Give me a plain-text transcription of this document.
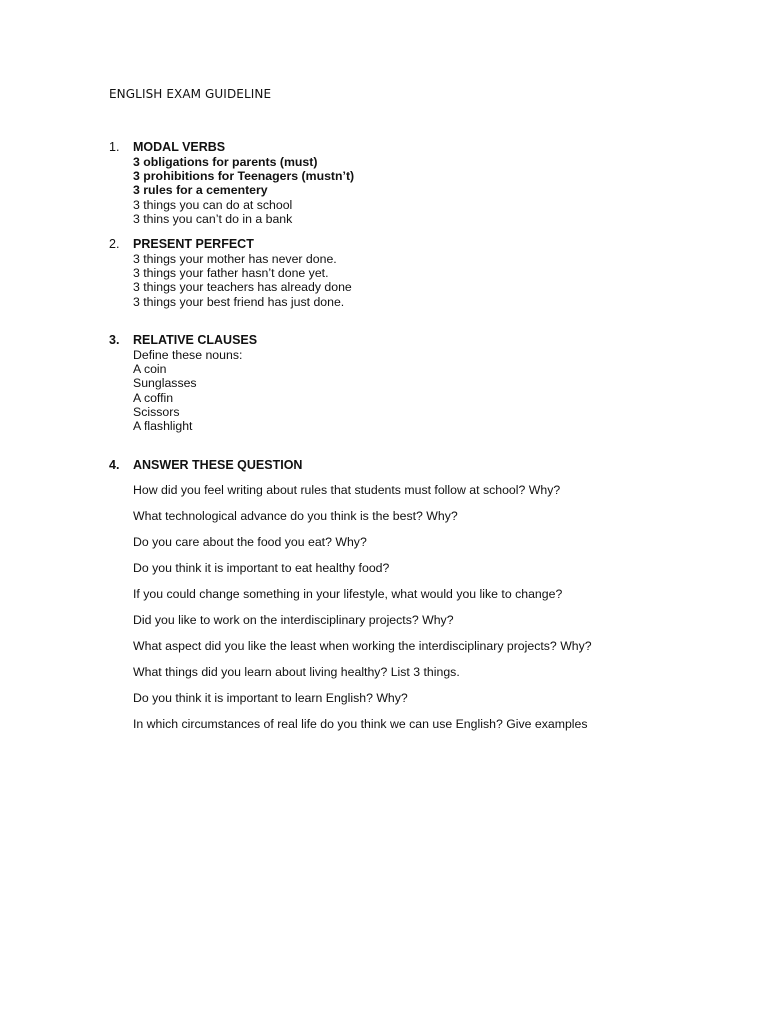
ENGLISH EXAM GUIDELINE
1. MODAL VERBS
3 obligations for parents (must)
3 prohibitions for Teenagers (mustn’t)
3 rules for a cementery
3 things you can do at school
3 thins you can’t do in a bank
2. PRESENT PERFECT
3 things your mother has never done.
3 things your father hasn’t done yet.
3 things your teachers has already done
3 things your best friend has just done.
3. RELATIVE CLAUSES
Define these nouns:
A coin
Sunglasses
A coffin
Scissors
A flashlight
4. ANSWER THESE QUESTION
How did you feel writing about rules that students must follow at school? Why?
What technological advance do you think is the best? Why?
Do you care about the food you eat? Why?
Do you think it is important to eat healthy food?
If you could change something in your lifestyle, what would you like to change?
Did you like to work on the interdisciplinary projects? Why?
What aspect did you like the least when working the interdisciplinary projects? Why?
What things did you learn about living healthy? List 3 things.
Do you think it is important to learn English? Why?
In which circumstances of real life do you think we can use English? Give examples
